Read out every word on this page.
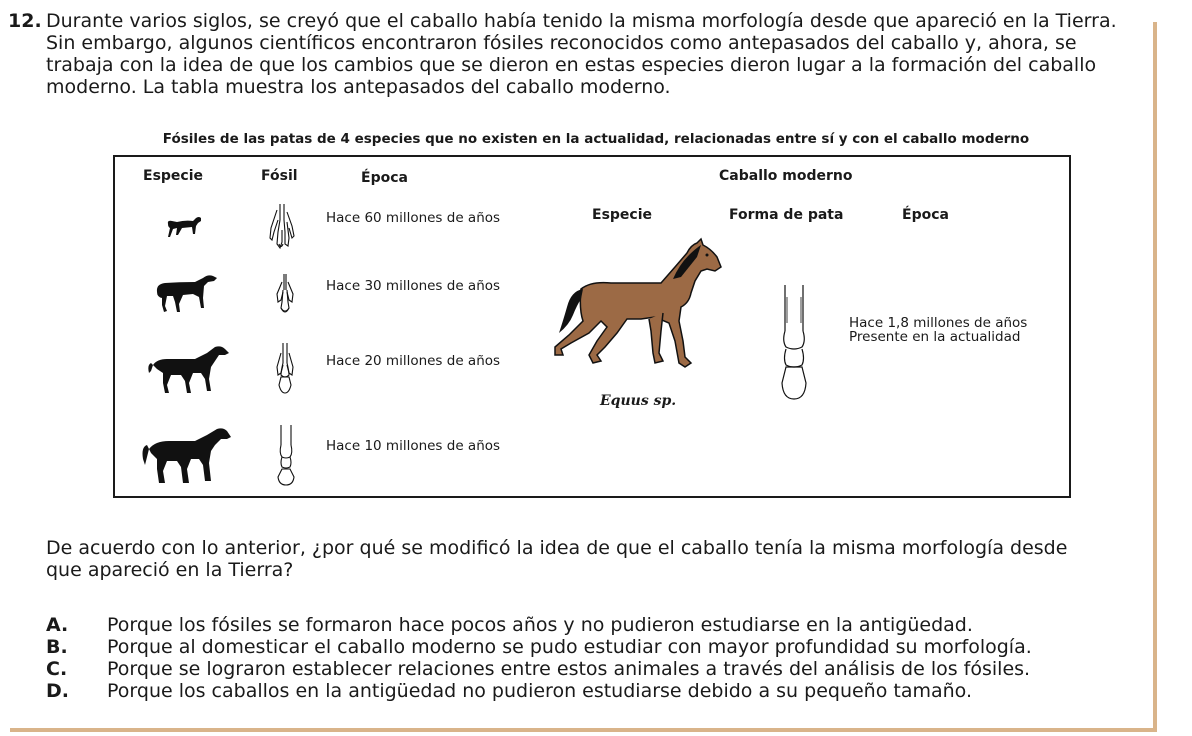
12. Durante varios siglos, se creyó que el caballo había tenido la misma morfología desde que apareció en la Tierra.

Sin embargo, algunos científicos encontraron fósiles reconocidos como antepasados del caballo y, ahora, se

trabaja con la idea de que los cambios que se dieron en estas especies dieron lugar a la formación del caballo

moderno. La tabla muestra los antepasados del caballo moderno.

Fósiles de las patas de 4 especies que no existen en la actualidad, relacionadas entre sí y con el caballo moderno
Especie	Fósil	Época	Caballo moderno
Especie	Forma de pata	Época
Hace 60 millones de años
Hace 30 millones de años
Hace 20 millones de años
Hace 10 millones de años
Equus sp.
Hace 1,8 millones de años
Presente en la actualidad

De acuerdo con lo anterior, ¿por qué se modificó la idea de que el caballo tenía la misma morfología desde

que apareció en la Tierra?

A. Porque los fósiles se formaron hace pocos años y no pudieron estudiarse en la antigüedad.
B. Porque al domesticar el caballo moderno se pudo estudiar con mayor profundidad su morfología.
C. Porque se lograron establecer relaciones entre estos animales a través del análisis de los fósiles.
D. Porque los caballos en la antigüedad no pudieron estudiarse debido a su pequeño tamaño.
